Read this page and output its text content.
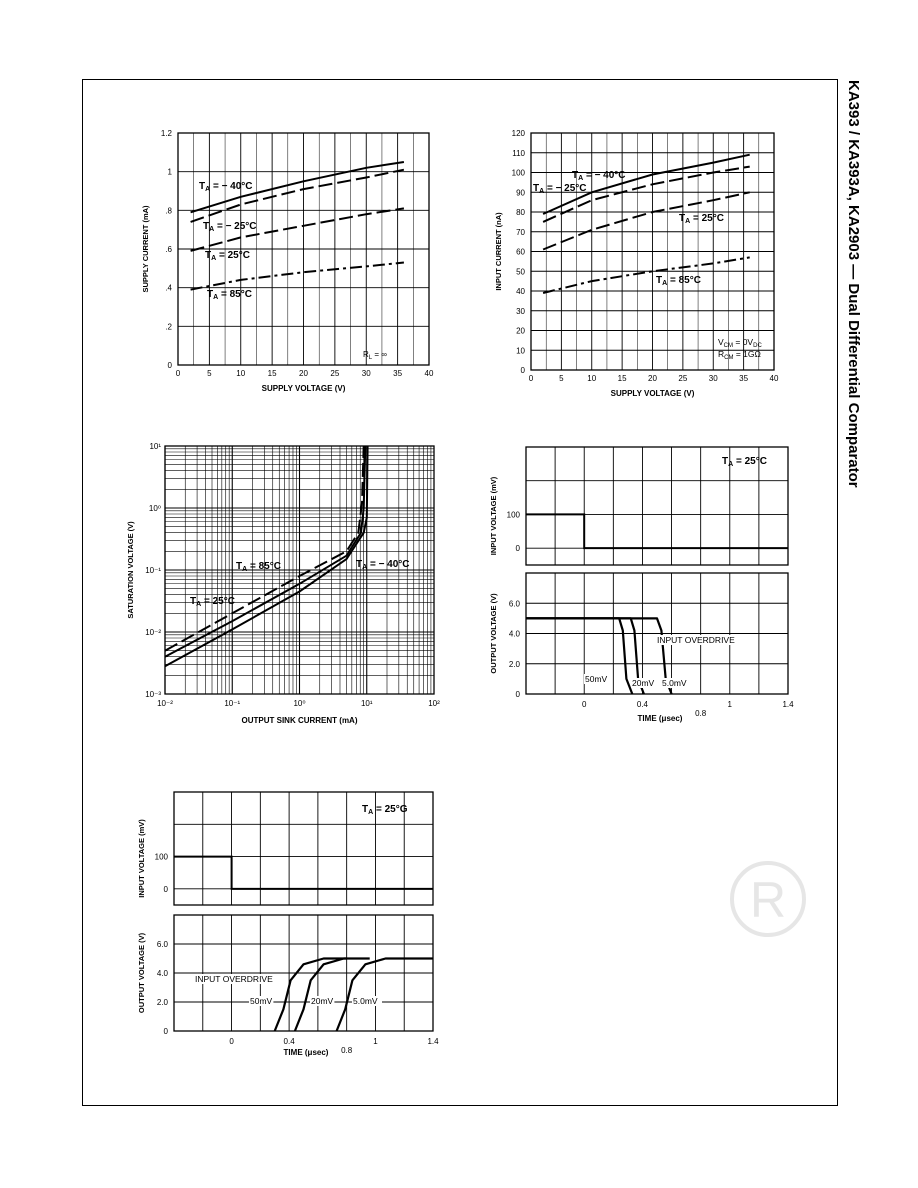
KA393 / KA393A, KA2903 — Dual Differential Comparator
R
0	5	10	15	20	25	30	35	40
0
.2
.4
.6
.8
1
1.2
SUPPLY VOLTAGE (V)
SUPPLY CURRENT (mA)
$T_A$ = − 40°C
$T_A$ = − 25°C
$T_A = 25^\circ C$
$T_A = 85^\circ C$
$R_L$ = ∞
0	5	10	15	20	25	30	35	40
0
10
20
30
40
50
60
70
80
90
100
110
120
SUPPLY VOLTAGE (V)
INPUT CURRENT (nA)
$T_A$ = − 40°C
$T_A$ = − 25°C
$T_A = 25^\circ C$
$T_A = 85^\circ C$
$V_{CM} = 0V_{DC}$
$R_{CM} = 1G\Omega$
10⁻²	10⁻¹	10⁰	10¹	10²
10⁻³
10⁻²
10⁻¹
10⁰
10¹
OUTPUT SINK CURRENT (mA)
SATURATION VOLTAGE (V)	$T_A = 85^\circ C$
$T_A = 25^\circ C$
$T_A$ = − 40°C
0
100
INPUT VOLTAGE (mV)
$T_A = 25^\circ C$
0
2.0
4.0
6.0
0	0.4
0.8
1	1.4
TIME (μsec)
OUTPUT VOLTAGE (V)
50mV	20mV 5.0mV
INPUT OVERDRIVE
0
100
INPUT VOLTAGE (mV)
$T_A = 25^\circ G$
0
2.0
4.0
6.0
0	0.4
0.8
1	1.4
TIME (μsec)
OUTPUT VOLTAGE (V)	50mV	20mV 5.0mV
INPUT OVERDRIVE
